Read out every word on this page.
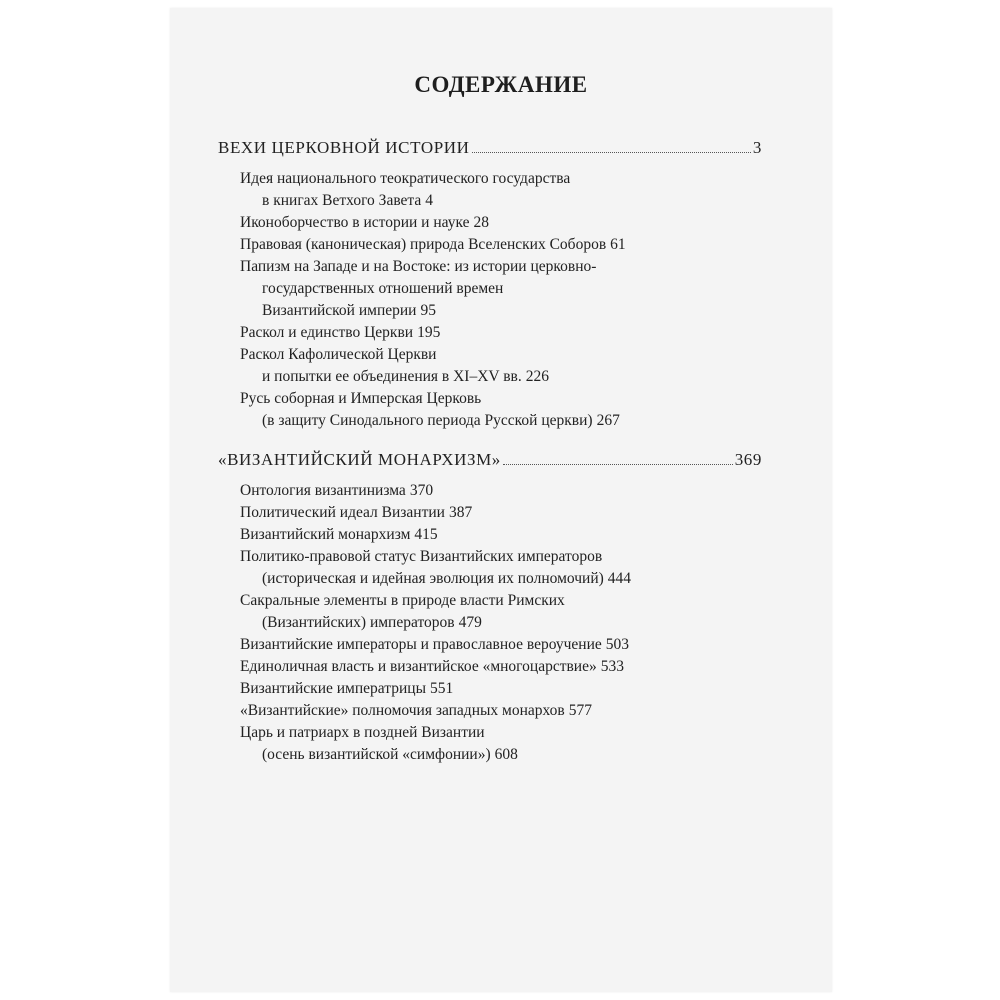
СОДЕРЖАНИЕ
ВЕХИ ЦЕРКОВНОЙ ИСТОРИИ	3
Идея национального теократического государства
в книгах Ветхого Завета 4
Иконоборчество в истории и науке 28
Правовая (каноническая) природа Вселенских Соборов 61
Папизм на Западе и на Востоке: из истории церковно-
государственных отношений времен
Византийской империи 95
Раскол и единство Церкви 195
Раскол Кафолической Церкви
и попытки ее объединения в XI–XV вв. 226
Русь соборная и Имперская Церковь
(в защиту Синодального периода Русской церкви) 267
«ВИЗАНТИЙСКИЙ МОНАРХИЗМ»	369
Онтология византинизма 370
Политический идеал Византии 387
Византийский монархизм 415
Политико-правовой статус Византийских императоров
(историческая и идейная эволюция их полномочий) 444
Сакральные элементы в природе власти Римских
(Византийских) императоров 479
Византийские императоры и православное вероучение 503
Единоличная власть и византийское «многоцарствие» 533
Византийские императрицы 551
«Византийские» полномочия западных монархов 577
Царь и патриарх в поздней Византии
(осень византийской «симфонии») 608
